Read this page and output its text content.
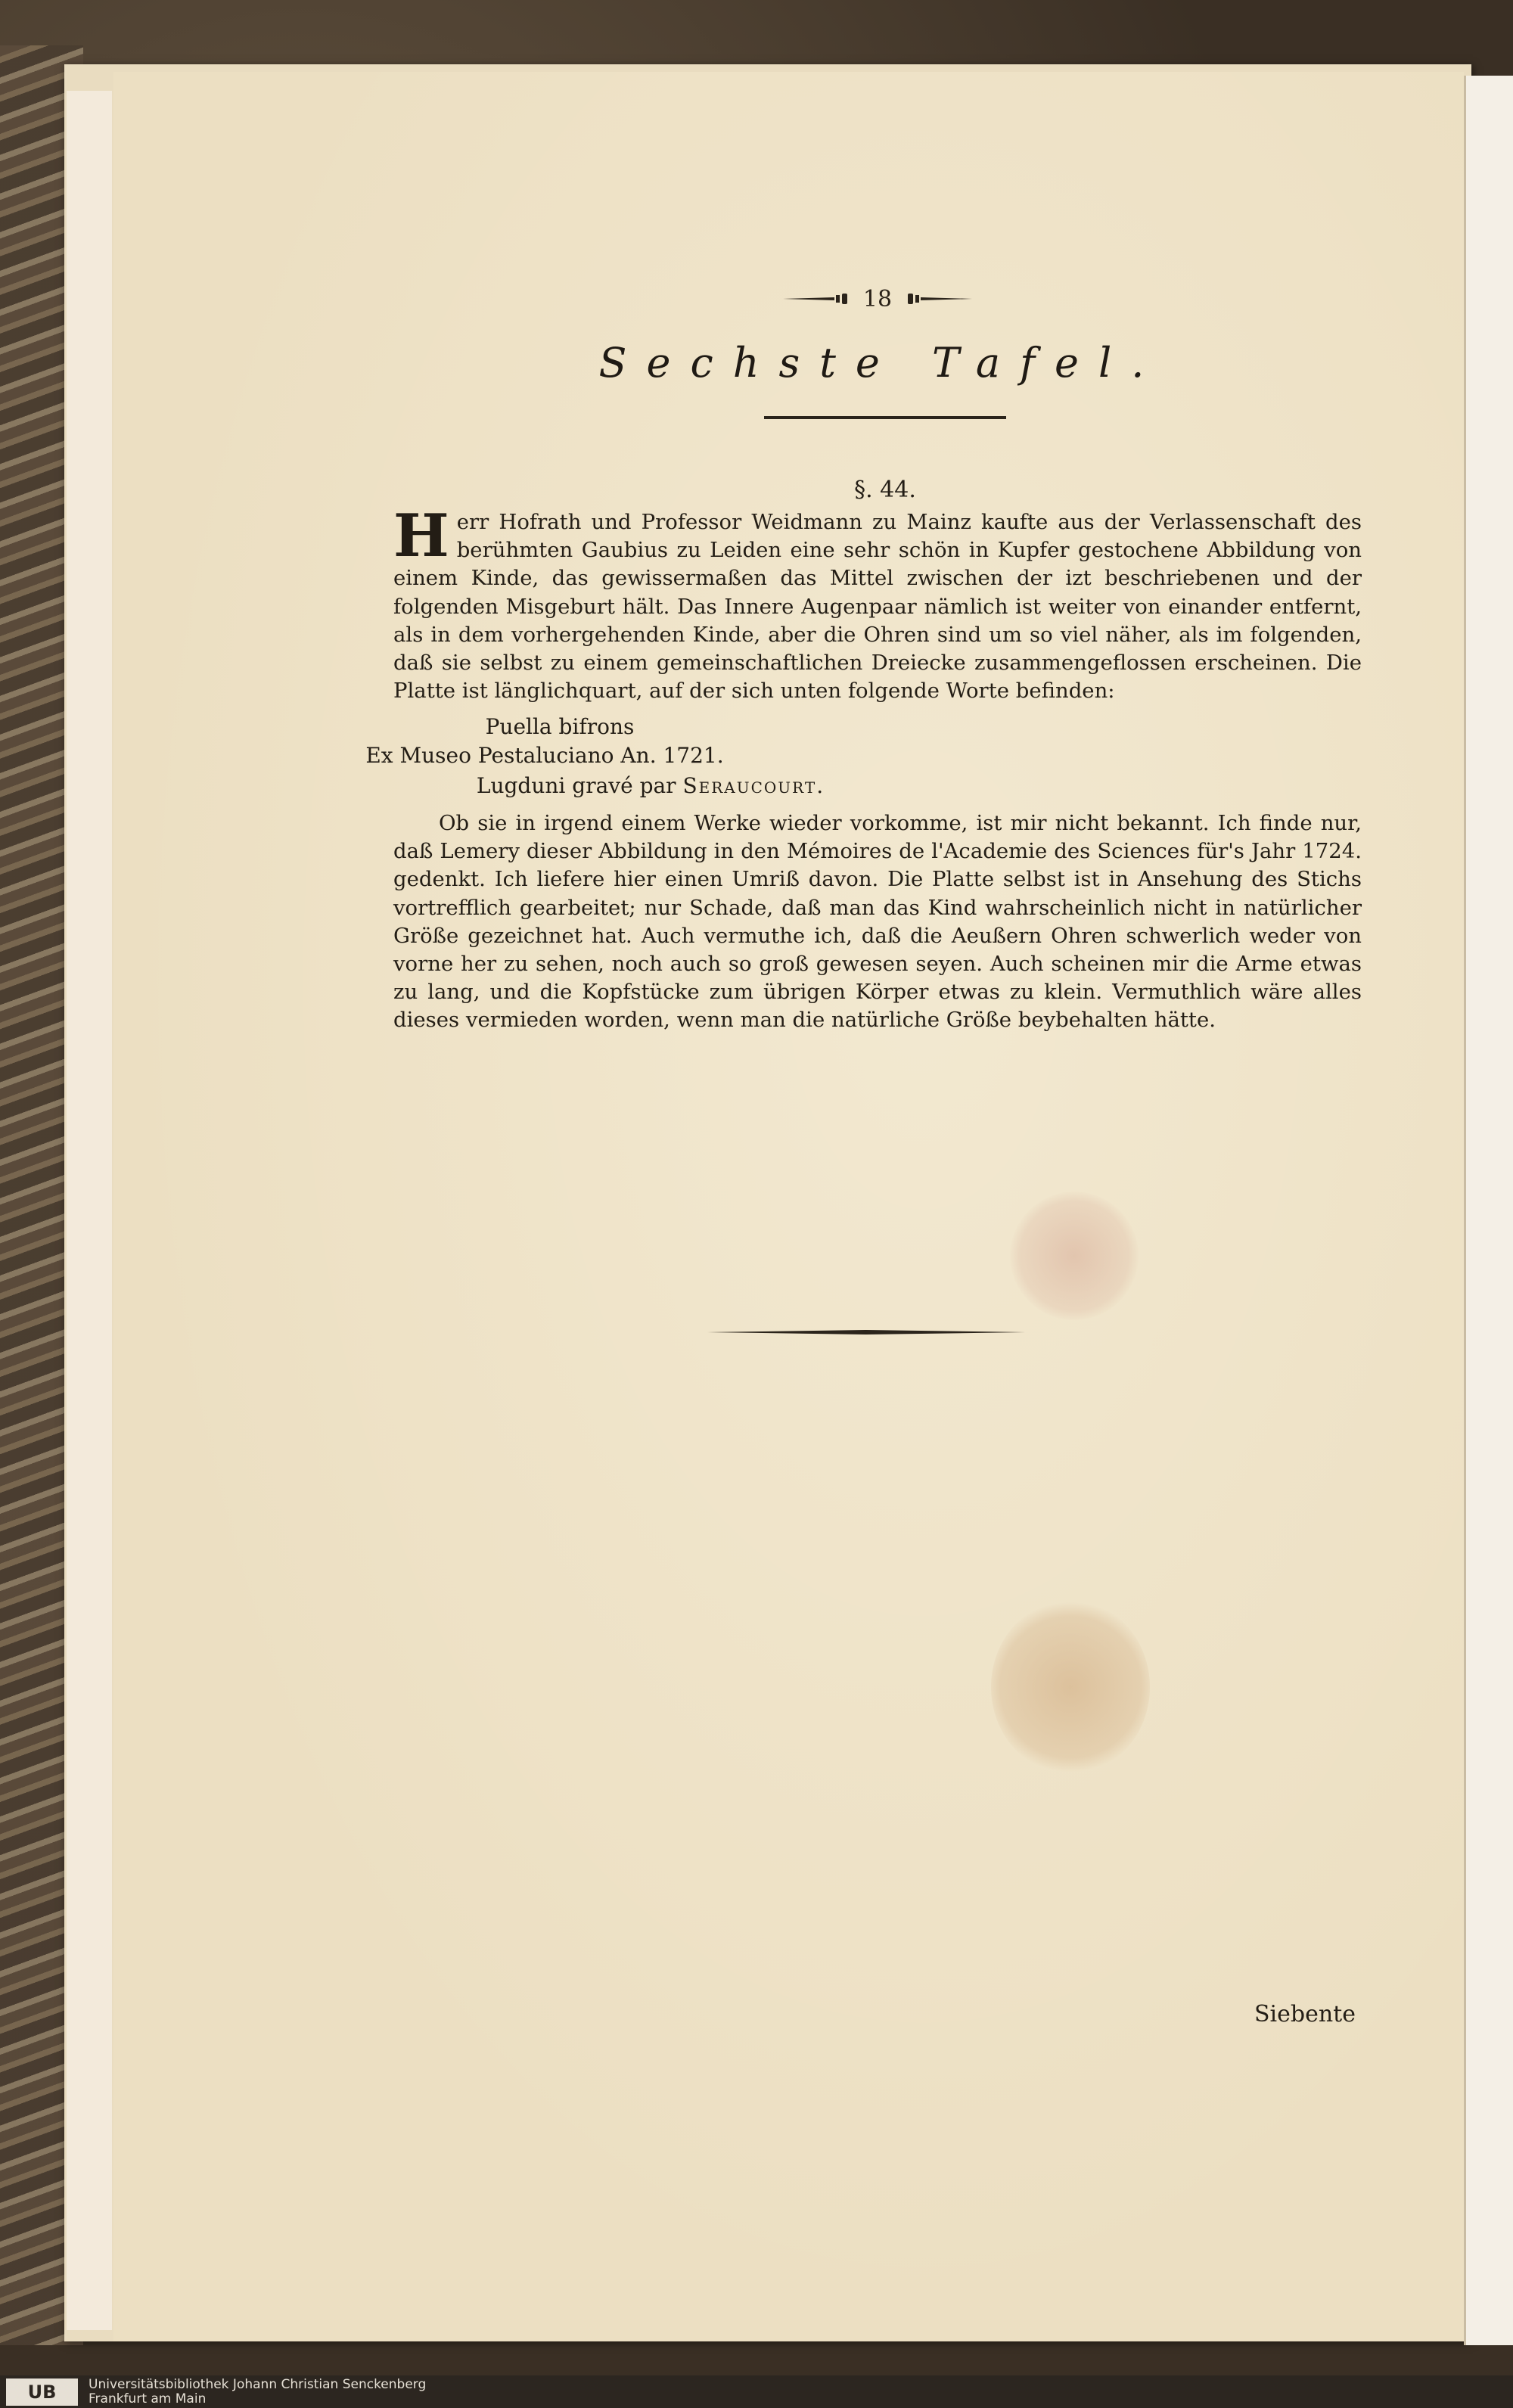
18
Sechste Tafel.
§. 44.
Herr Hofrath und Professor Weidmann zu Mainz kaufte aus der Verlassenschaft des berühmten Gaubius zu Leiden eine sehr schön in Kupfer gestochene Abbildung von einem Kinde, das gewissermaßen das Mittel zwischen der izt beschriebenen und der folgenden Misgeburt hält. Das Innere Augenpaar nämlich ist weiter von einander entfernt, als in dem vorhergehenden Kinde, aber die Ohren sind um so viel näher, als im folgenden, daß sie selbst zu einem gemeinschaftlichen Dreiecke zusammengeflossen erscheinen. Die Platte ist länglichquart, auf der sich unten folgende Worte befinden:
Puella bifrons
Ex Museo Pestaluciano An. 1721.
Lugduni gravé par Seraucourt.
Ob sie in irgend einem Werke wieder vorkomme, ist mir nicht bekannt. Ich finde nur, daß Lemery dieser Abbildung in den Mémoires de l'Academie des Sciences für's Jahr 1724. gedenkt. Ich liefere hier einen Umriß davon. Die Platte selbst ist in Ansehung des Stichs vortrefflich gearbeitet; nur Schade, daß man das Kind wahrscheinlich nicht in natürlicher Größe gezeichnet hat. Auch vermuthe ich, daß die Aeußern Ohren schwerlich weder von vorne her zu sehen, noch auch so groß gewesen seyen. Auch scheinen mir die Arme etwas zu lang, und die Kopfstücke zum übrigen Körper etwas zu klein. Vermuthlich wäre alles dieses vermieden worden, wenn man die natürliche Größe beybehalten hätte.
Siebente
UB	Universitätsbibliothek Johann Christian Senckenberg
Frankfurt am Main
